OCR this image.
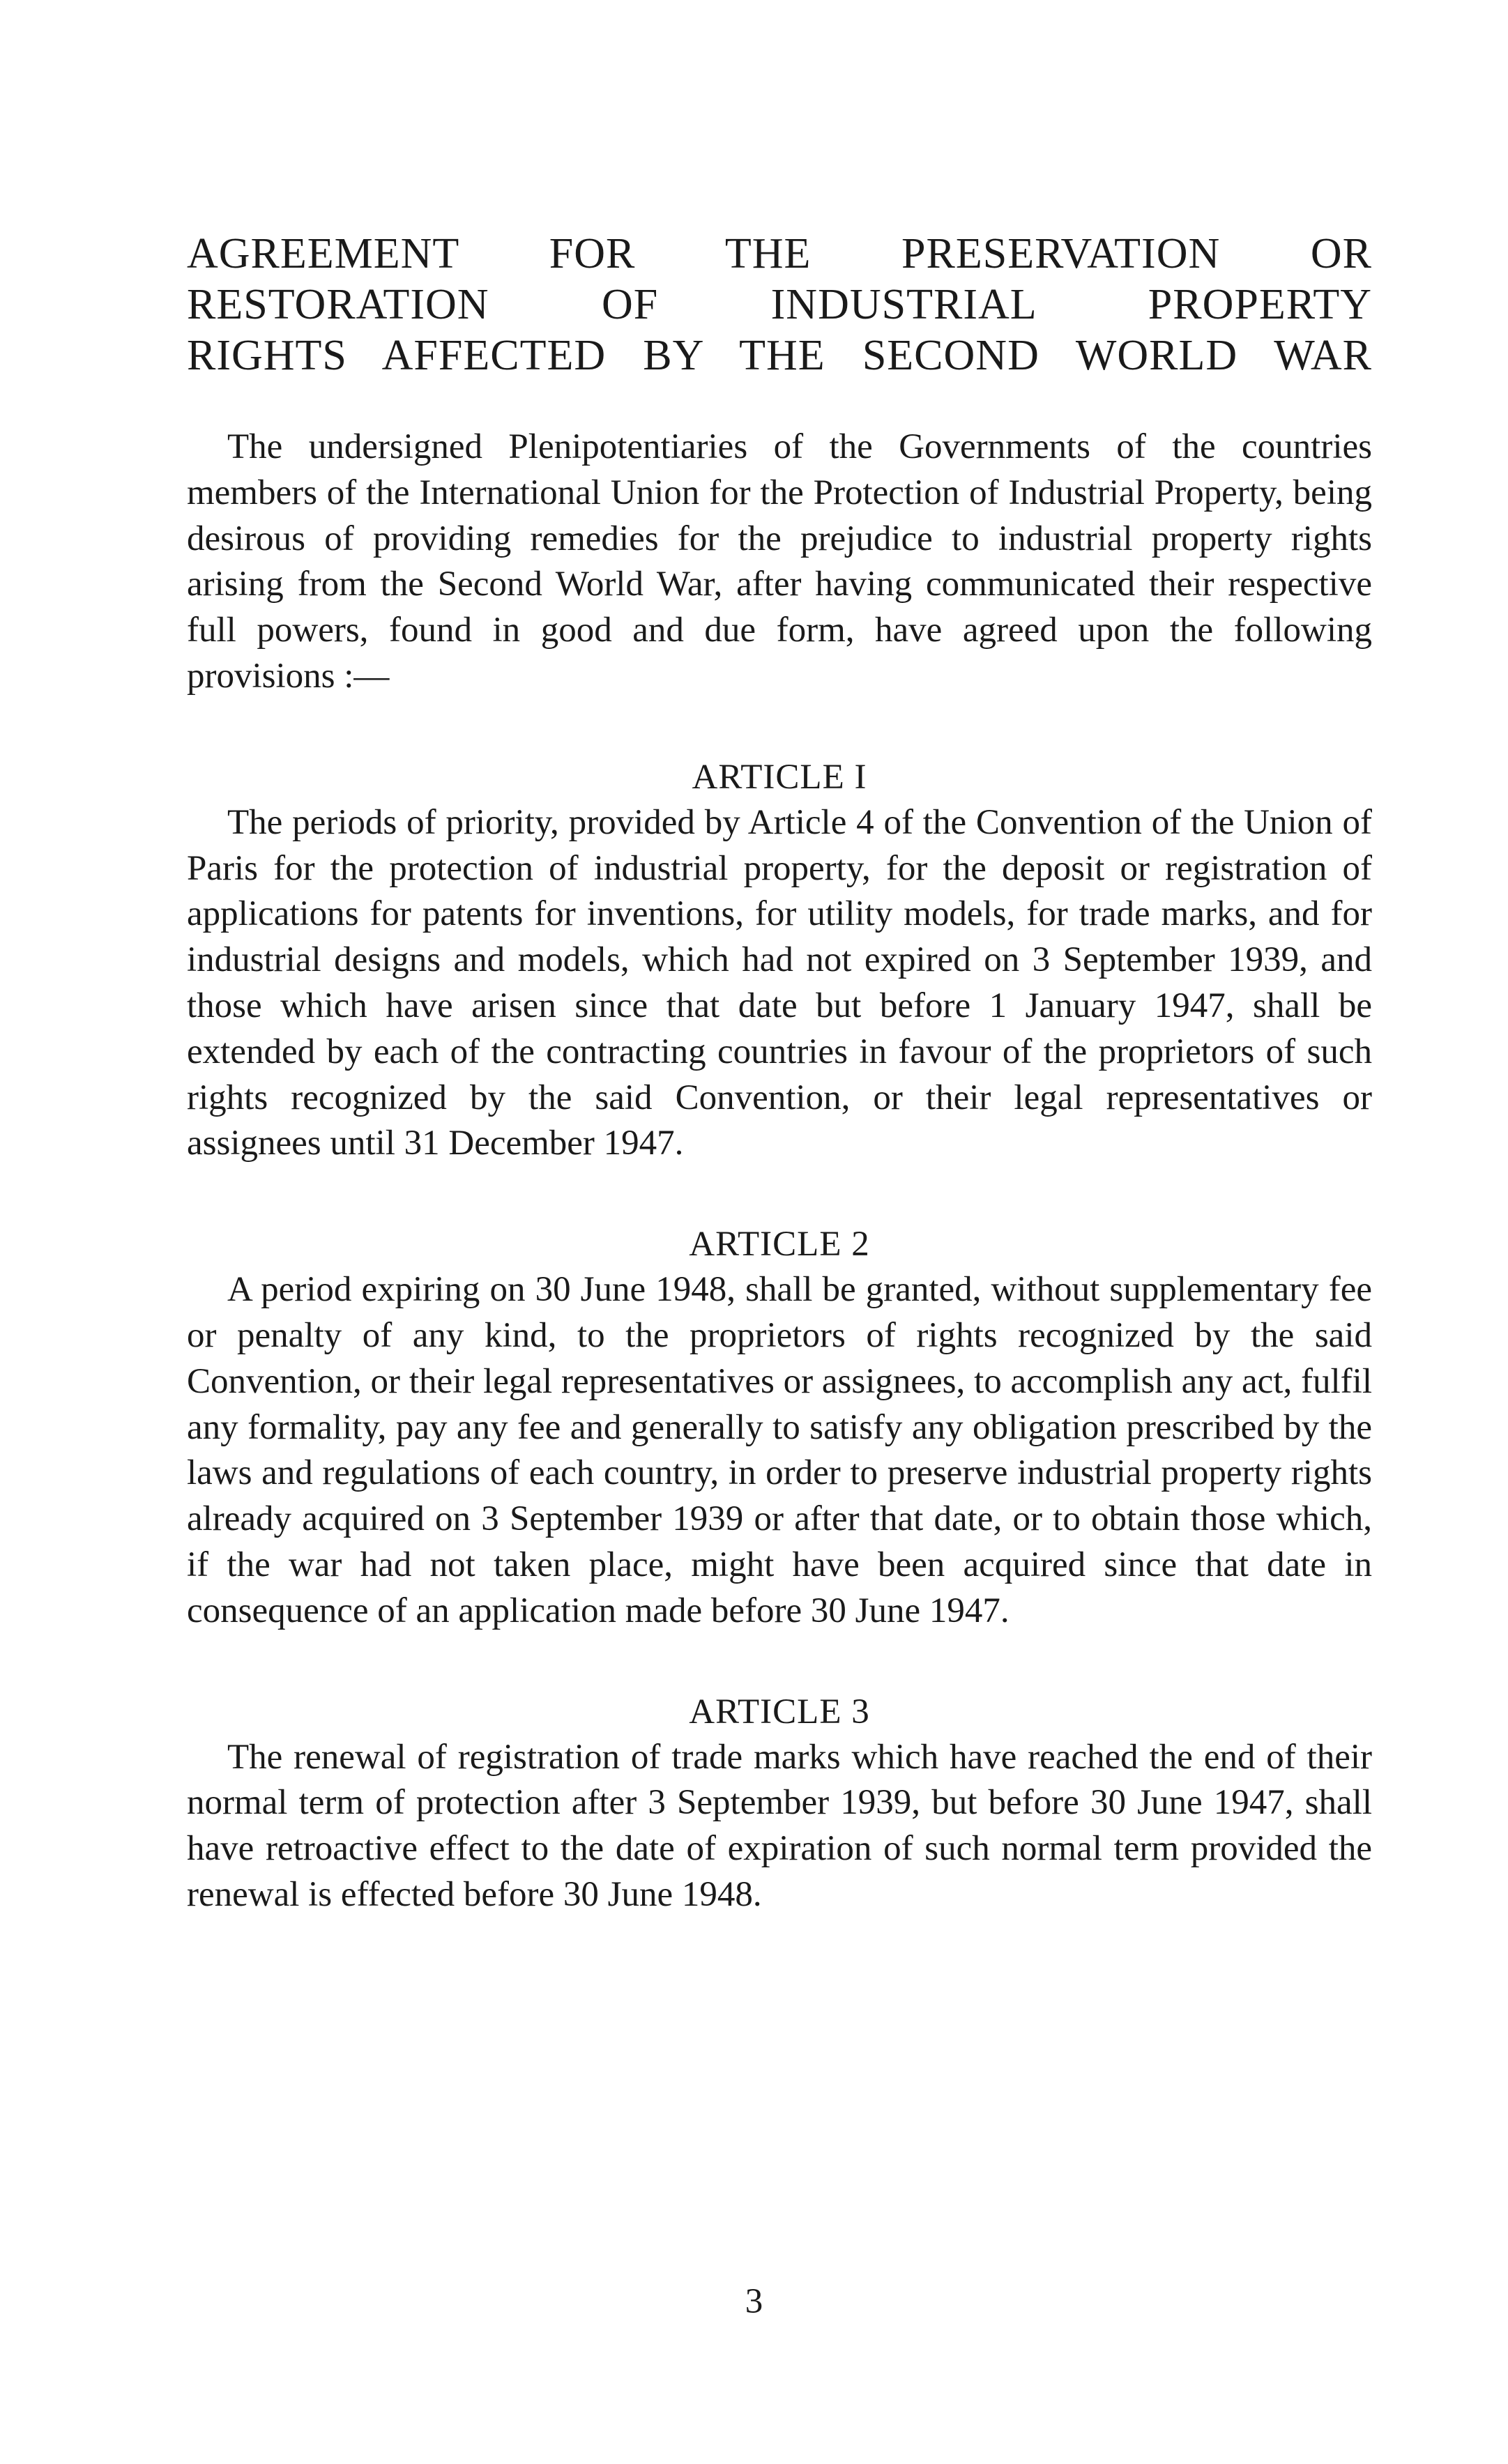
AGREEMENT FOR THE PRESERVATION OR
RESTORATION OF INDUSTRIAL PROPERTY
RIGHTS AFFECTED BY THE SECOND WORLD WAR

The undersigned Plenipotentiaries of the Governments of the countries members of the International Union for the Protection of Industrial Property, being desirous of providing remedies for the prejudice to industrial property rights arising from the Second World War, after having communicated their respective full powers, found in good and due form, have agreed upon the following provisions :—

ARTICLE I

The periods of priority, provided by Article 4 of the Convention of the Union of Paris for the protection of industrial property, for the deposit or registration of applications for patents for inventions, for utility models, for trade marks, and for industrial designs and models, which had not expired on 3 September 1939, and those which have arisen since that date but before 1 January 1947, shall be extended by each of the contracting countries in favour of the proprietors of such rights recognized by the said Convention, or their legal representatives or assignees until 31 December 1947.

ARTICLE 2

A period expiring on 30 June 1948, shall be granted, without supplementary fee or penalty of any kind, to the proprietors of rights recognized by the said Convention, or their legal representatives or assignees, to accomplish any act, fulfil any formality, pay any fee and generally to satisfy any obligation prescribed by the laws and regulations of each country, in order to preserve industrial property rights already acquired on 3 September 1939 or after that date, or to obtain those which, if the war had not taken place, might have been acquired since that date in consequence of an application made before 30 June 1947.

ARTICLE 3

The renewal of registration of trade marks which have reached the end of their normal term of protection after 3 September 1939, but before 30 June 1947, shall have retroactive effect to the date of expiration of such normal term provided the renewal is effected before 30 June 1948.

3
